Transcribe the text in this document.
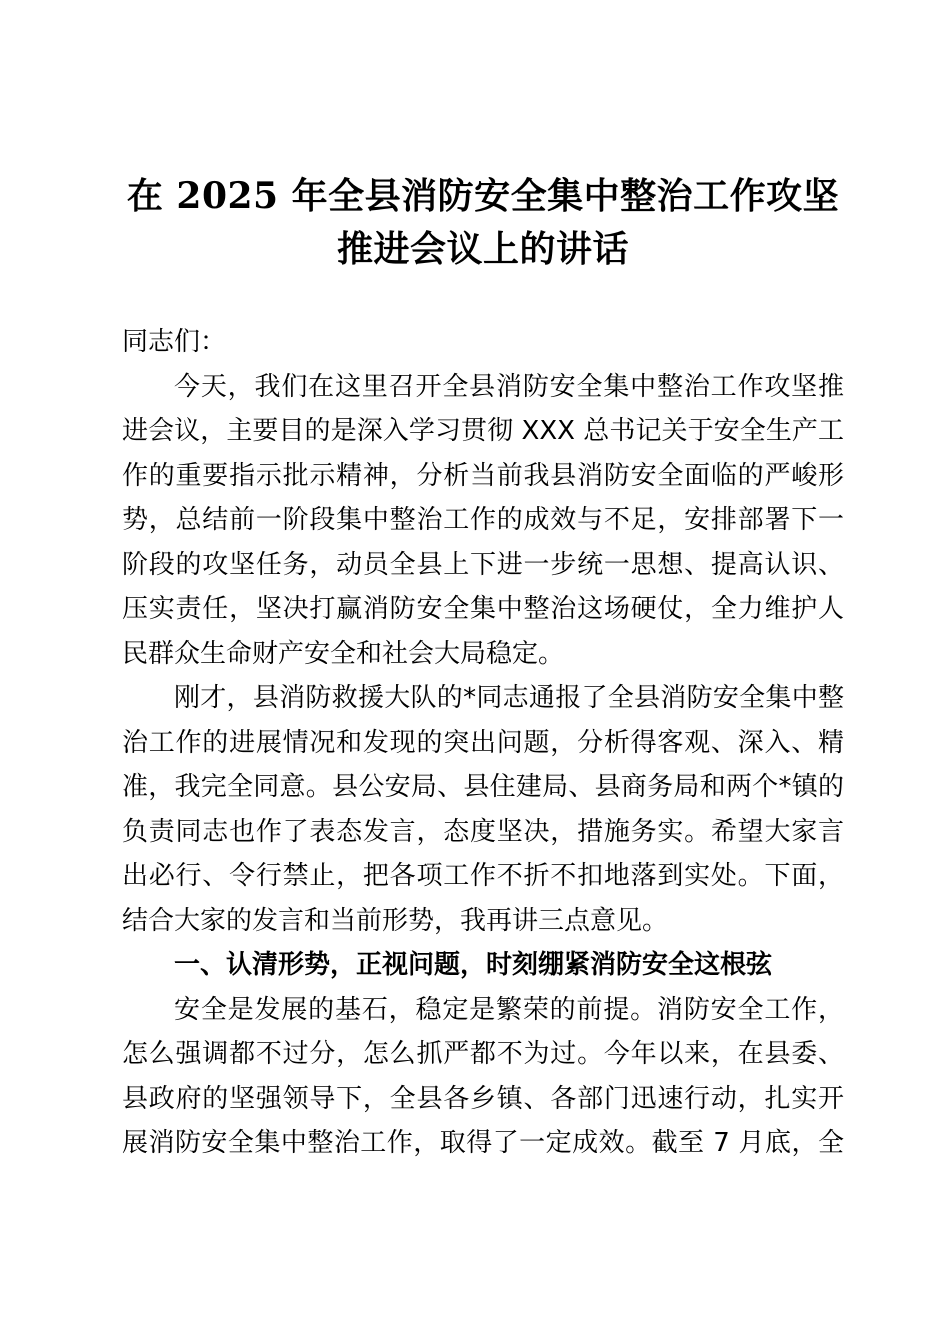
在 2025 年全县消防安全集中整治工作攻坚推进会议上的讲话

同志们：

今天，我们在这里召开全县消防安全集中整治工作攻坚推进会议，主要目的是深入学习贯彻 XXX 总书记关于安全生产工作的重要指示批示精神，分析当前我县消防安全面临的严峻形势，总结前一阶段集中整治工作的成效与不足，安排部署下一阶段的攻坚任务，动员全县上下进一步统一思想、提高认识、压实责任，坚决打赢消防安全集中整治这场硬仗，全力维护人民群众生命财产安全和社会大局稳定。

刚才，县消防救援大队的*同志通报了全县消防安全集中整治工作的进展情况和发现的突出问题，分析得客观、深入、精准，我完全同意。县公安局、县住建局、县商务局和两个*镇的负责同志也作了表态发言，态度坚决，措施务实。希望大家言出必行、令行禁止，把各项工作不折不扣地落到实处。下面，结合大家的发言和当前形势，我再讲三点意见。

一、认清形势，正视问题，时刻绷紧消防安全这根弦

安全是发展的基石，稳定是繁荣的前提。消防安全工作，怎么强调都不过分，怎么抓严都不为过。今年以来，在县委、县政府的坚强领导下，全县各乡镇、各部门迅速行动，扎实开展消防安全集中整治工作，取得了一定成效。截至 7 月底，全
